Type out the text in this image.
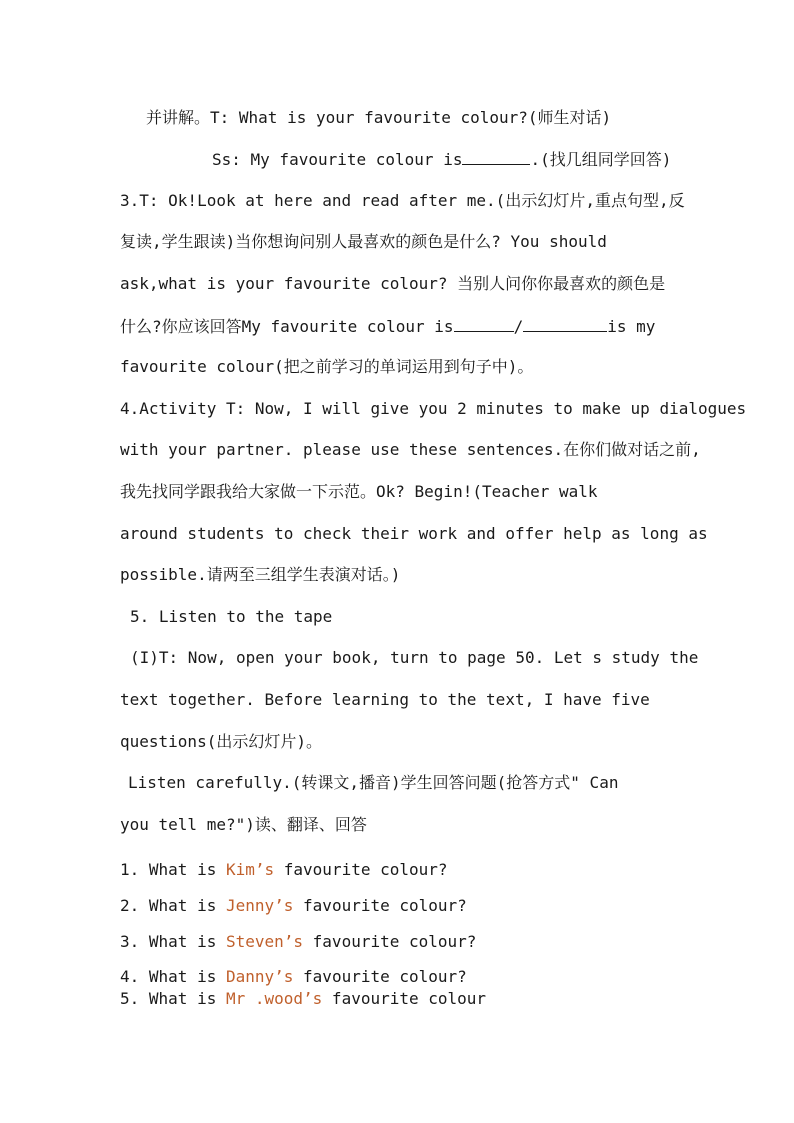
并讲解。T: What is your favourite colour?(师生对话)
Ss: My favourite colour is	.(找几组同学回答)
3.T: Ok!Look at here and read after me.(出示幻灯片,重点句型,反
复读,学生跟读)当你想询问别人最喜欢的颜色是什么? You should
ask,what is your favourite colour? 当别人问你你最喜欢的颜色是
什么?你应该回答My favourite colour is	/	is my
favourite colour(把之前学习的单词运用到句子中)。
4.Activity T: Now, I will give you 2 minutes to make up dialogues
with your partner. please use these sentences.在你们做对话之前,
我先找同学跟我给大家做一下示范。Ok? Begin!(Teacher walk
around students to check their work and offer help as long as
possible.请两至三组学生表演对话。)
5. Listen to the tape
(I)T: Now, open your book, turn to page 50. Let s study the
text together. Before learning to the text, I have five
questions(出示幻灯片)。
Listen carefully.(转课文,播音)学生回答问题(抢答方式" Can
you tell me?")读、翻译、回答
1. What is Kim’s favourite colour?
2. What is Jenny’s favourite colour?
3. What is Steven’s favourite colour?
4. What is Danny’s favourite colour?
5. What is Mr .wood’s favourite colour
